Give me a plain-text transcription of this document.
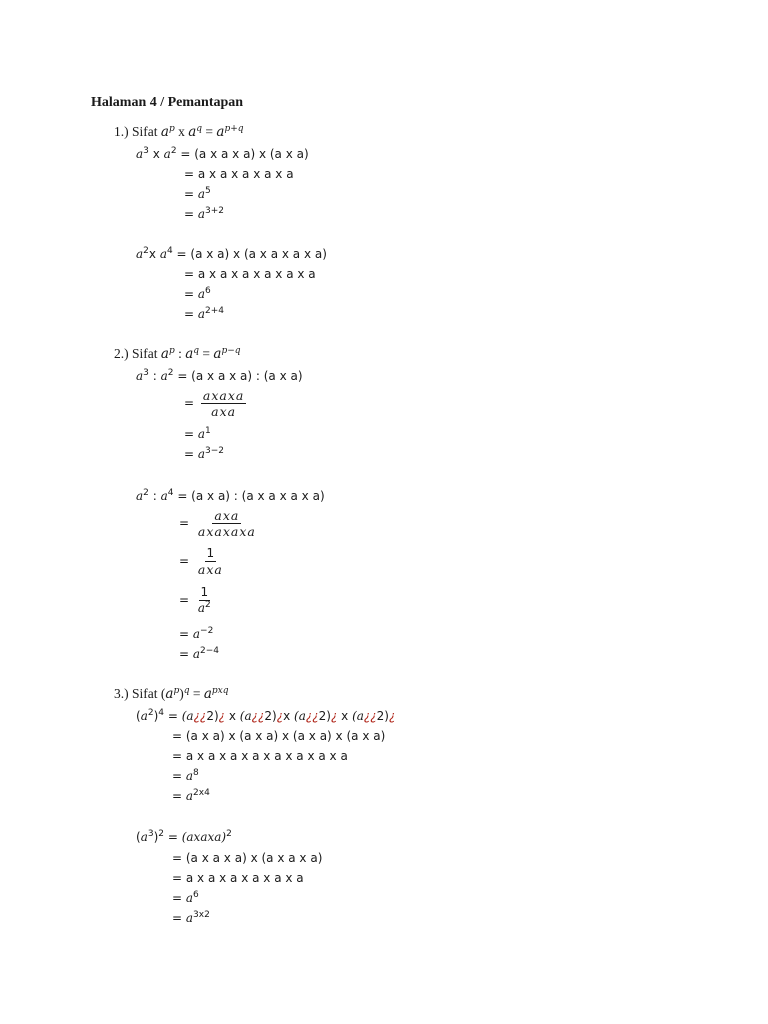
Halaman 4 / Pemantapan
1.) Sifat $a^p$ x $a^q = a^{p+q}$
$a^3$ x $a^2 = (a$ x a x a) x (a x a)
= a x a x a x a x a
= $a^5$
= $a^{3+2}$
$a^2x$ $a^4 = (a$ x a) x (a x a x a x a)
= a x a x a x a x a x a
= $a^6$
= $a^{2+4}$
2.) Sifat $a^p$ : $a^q = a^{p-q}$
$a^3$ : $a^2 = (a$ x a x a) : (a x a)
= $\frac{\text{axaxa}}{\text{axa}}$
= $a^1$
= $a^{3-2}$
$a^2$ : $a^4 = (a$ x a) : (a x a x a x a)
= $\frac{\text{axa}}{\text{axaxaxa}}$
= $\frac{1}{\text{axa}}$
= $\frac{1}{a^2}$
= $a^{-2}$
= $a^{2-4}$
3.) Sifat $(a^p)^q = a^{pxq}$
$(a^2)^4$ = (a¿¿2)¿ x (a¿¿2)¿x (a¿¿2)¿ x (a¿¿2)¿
= (a x a) x (a x a) x (a x a) x (a x a)
= a x a x a x a x a x a x a x a
= $a^8$
= $a^{2x4}$
$(a^3)^2$ = (axaxa)$^2$
= (a x a x a) x (a x a x a)
= a x a x a x a x a x a
= $a^6$
= $a^{3x2}$
